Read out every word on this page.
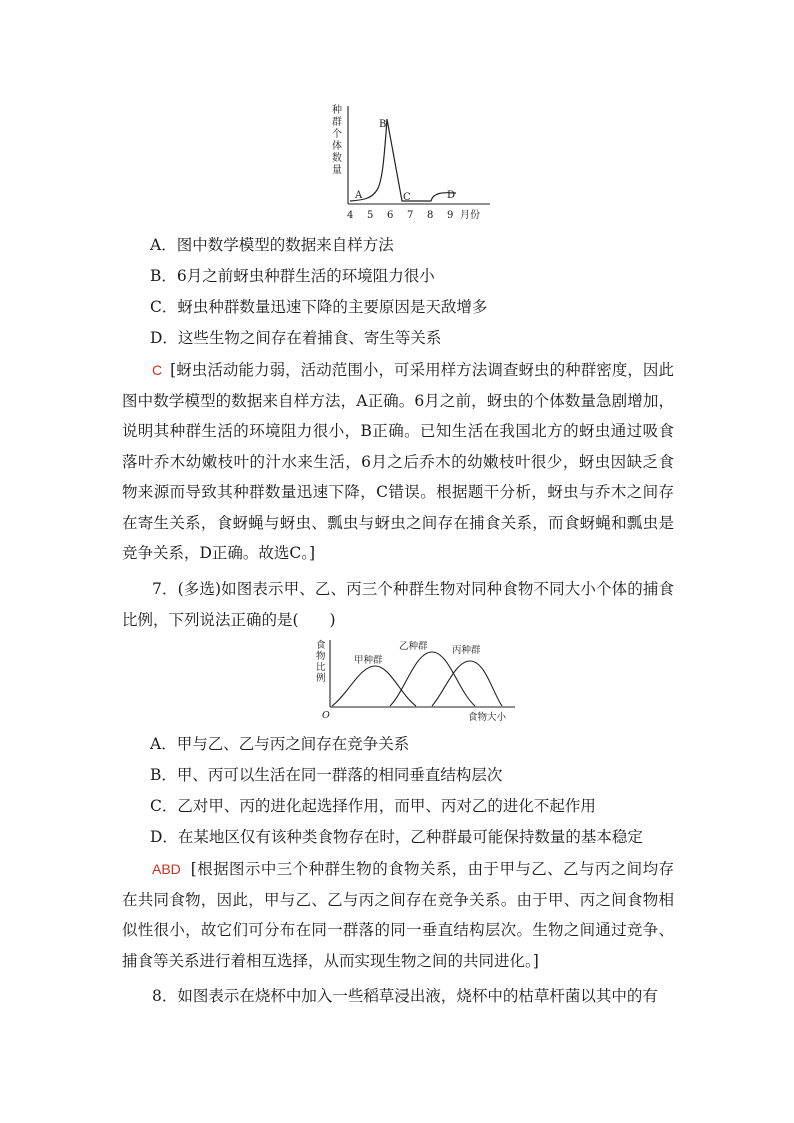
种
群
个
体
数
量
A
B
C	D
4 5 6 7 8 9 月份
A．图中数学模型的数据来自样方法
B．6月之前蚜虫种群生活的环境阻力很小
C．蚜虫种群数量迅速下降的主要原因是天敌增多
D．这些生物之间存在着捕食、寄生等关系
C [蚜虫活动能力弱，活动范围小，可采用样方法调查蚜虫的种群密度，因此图中数学模型的数据来自样方法，A正确。6月之前，蚜虫的个体数量急剧增加，说明其种群生活的环境阻力很小，B正确。已知生活在我国北方的蚜虫通过吸食落叶乔木幼嫩枝叶的汁水来生活，6月之后乔木的幼嫩枝叶很少，蚜虫因缺乏食物来源而导致其种群数量迅速下降，C错误。根据题干分析，蚜虫与乔木之间存在寄生关系，食蚜蝇与蚜虫、瓢虫与蚜虫之间存在捕食关系，而食蚜蝇和瓢虫是竞争关系，D正确。故选C。]
7．(多选)如图表示甲、乙、丙三个种群生物对同种食物不同大小个体的捕食比例，下列说法正确的是(　　)
食
物
比
例
甲种群
乙种群	丙种群
O	食物大小
A．甲与乙、乙与丙之间存在竞争关系
B．甲、丙可以生活在同一群落的相同垂直结构层次
C．乙对甲、丙的进化起选择作用，而甲、丙对乙的进化不起作用
D．在某地区仅有该种类食物存在时，乙种群最可能保持数量的基本稳定
ABD [根据图示中三个种群生物的食物关系，由于甲与乙、乙与丙之间均存在共同食物，因此，甲与乙、乙与丙之间存在竞争关系。由于甲、丙之间食物相似性很小，故它们可分布在同一群落的同一垂直结构层次。生物之间通过竞争、捕食等关系进行着相互选择，从而实现生物之间的共同进化。]
8．如图表示在烧杯中加入一些稻草浸出液，烧杯中的枯草杆菌以其中的有
